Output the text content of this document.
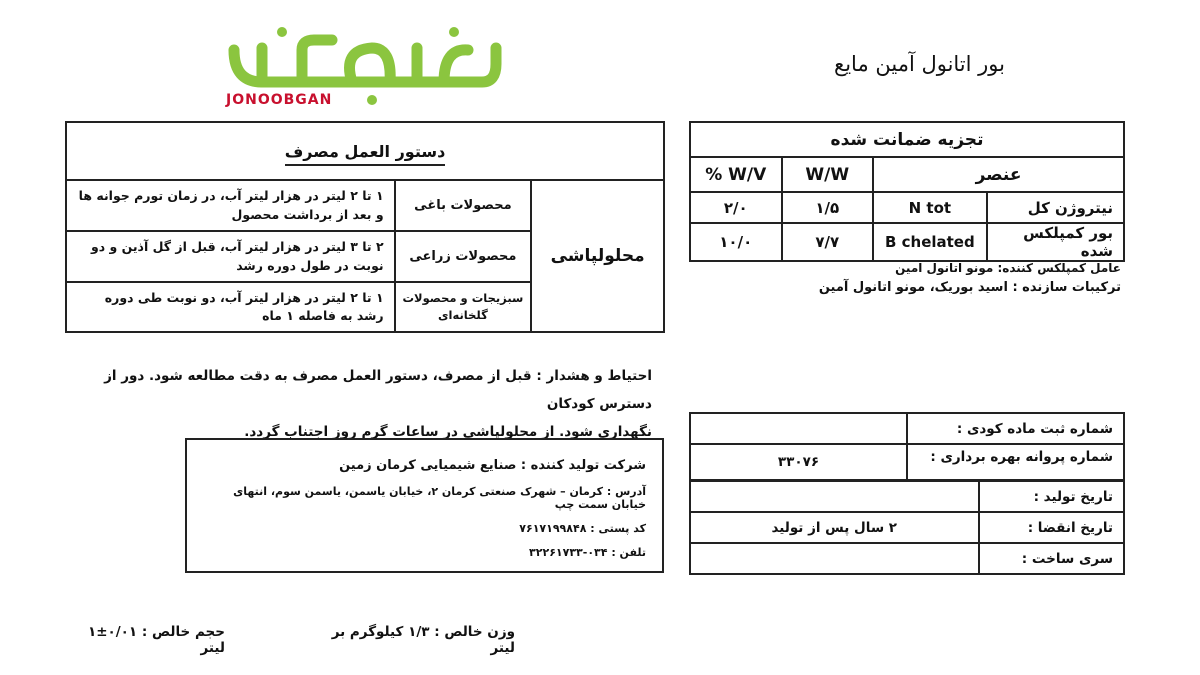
JONOOBGAN
بور اتانول آمین مایع
تجزیه ضمانت شده			
عنصر		W/W	% W/V
نیتروژن کل	N tot	۱/۵	۲/۰
بور کمپلکس شده	B chelated	۷/۷	۱۰/۰
عامل کمپلکس کننده: مونو اتانول امین
ترکیبات سازنده : اسید بوریک، مونو اتانول آمین
دستور العمل مصرف		
محلولپاشی	محصولات باغی	۱ تا ۲ لیتر در هزار لیتر آب، در زمان تورم جوانه ها و بعد از برداشت محصول
	محصولات زراعی	۲ تا ۳ لیتر در هزار لیتر آب، قبل از گل آذین و دو نوبت در طول دوره رشد
	سبزیجات و محصولات گلخانه‌ای	۱ تا ۲ لیتر در هزار لیتر آب، دو نوبت طی دوره رشد به فاصله ۱ ماه
احتیاط و هشدار : قبل از مصرف، دستور العمل مصرف به دقت مطالعه شود. دور از دسترس کودکان
نگهداری شود. از محلولپاشی در ساعات گرم روز اجتناب گردد.
شرکت تولید کننده : صنایع شیمیایی کرمان زمین
آدرس : کرمان – شهرک صنعتی کرمان ۲، خیابان یاسمن، یاسمن سوم، انتهای خیابان سمت چپ
کد پستی : ۷۶۱۷۱۹۹۸۴۸
تلفن : ۰۳۴-۳۲۲۶۱۷۳۳
شماره ثبت ماده کودی :	
شماره پروانه بهره برداری :	۳۳۰۷۶
تاریخ تولید :	
تاریخ انقضا :	۲ سال پس از تولید
سری ساخت :	
وزن خالص : ۱/۳ کیلوگرم بر لیتر
حجم خالص : ۰/۰۱±۱ لیتر
